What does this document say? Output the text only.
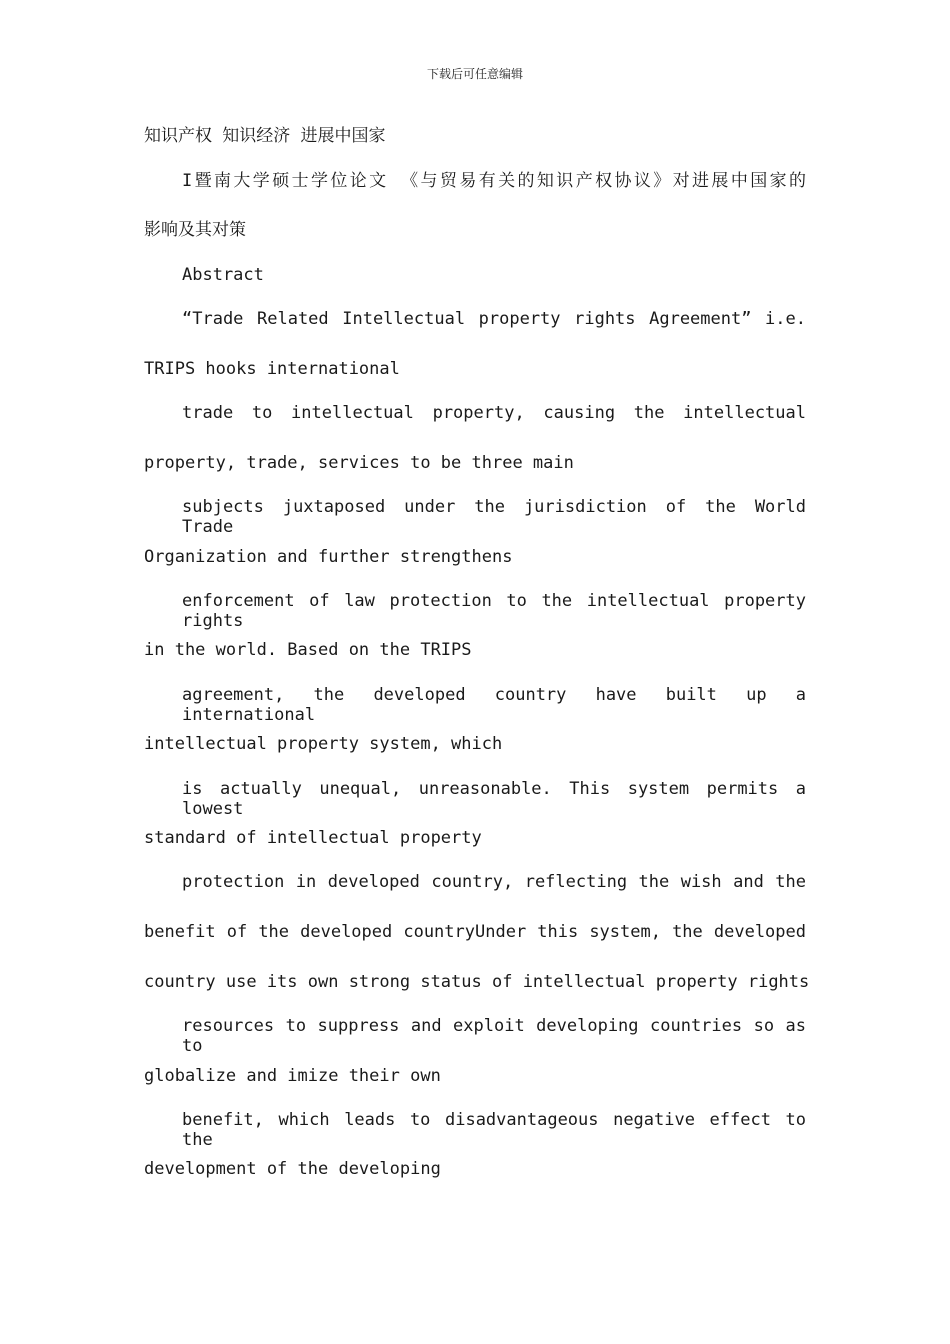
下载后可任意编辑
知识产权 知识经济 进展中国家
I暨南大学硕士学位论文 《与贸易有关的知识产权协议》对进展中国家的
影响及其对策
Abstract
“Trade Related Intellectual property rights Agreement” i.e.
TRIPS hooks international
trade to intellectual property, causing the intellectual
property, trade, services to be three main
subjects juxtaposed under the jurisdiction of the World Trade
Organization and further strengthens
enforcement of law protection to the intellectual property rights
in the world. Based on the TRIPS
agreement, the developed country have built up a international
intellectual property system, which
is actually unequal, unreasonable. This system permits a lowest
standard of intellectual property
protection in developed country, reflecting the wish and the
benefit of the developed countryUnder this system, the developed
country use its own strong status of intellectual property rights
resources to suppress and exploit developing countries so as to
globalize and imize their own
benefit, which leads to disadvantageous negative effect to the
development of the developing
